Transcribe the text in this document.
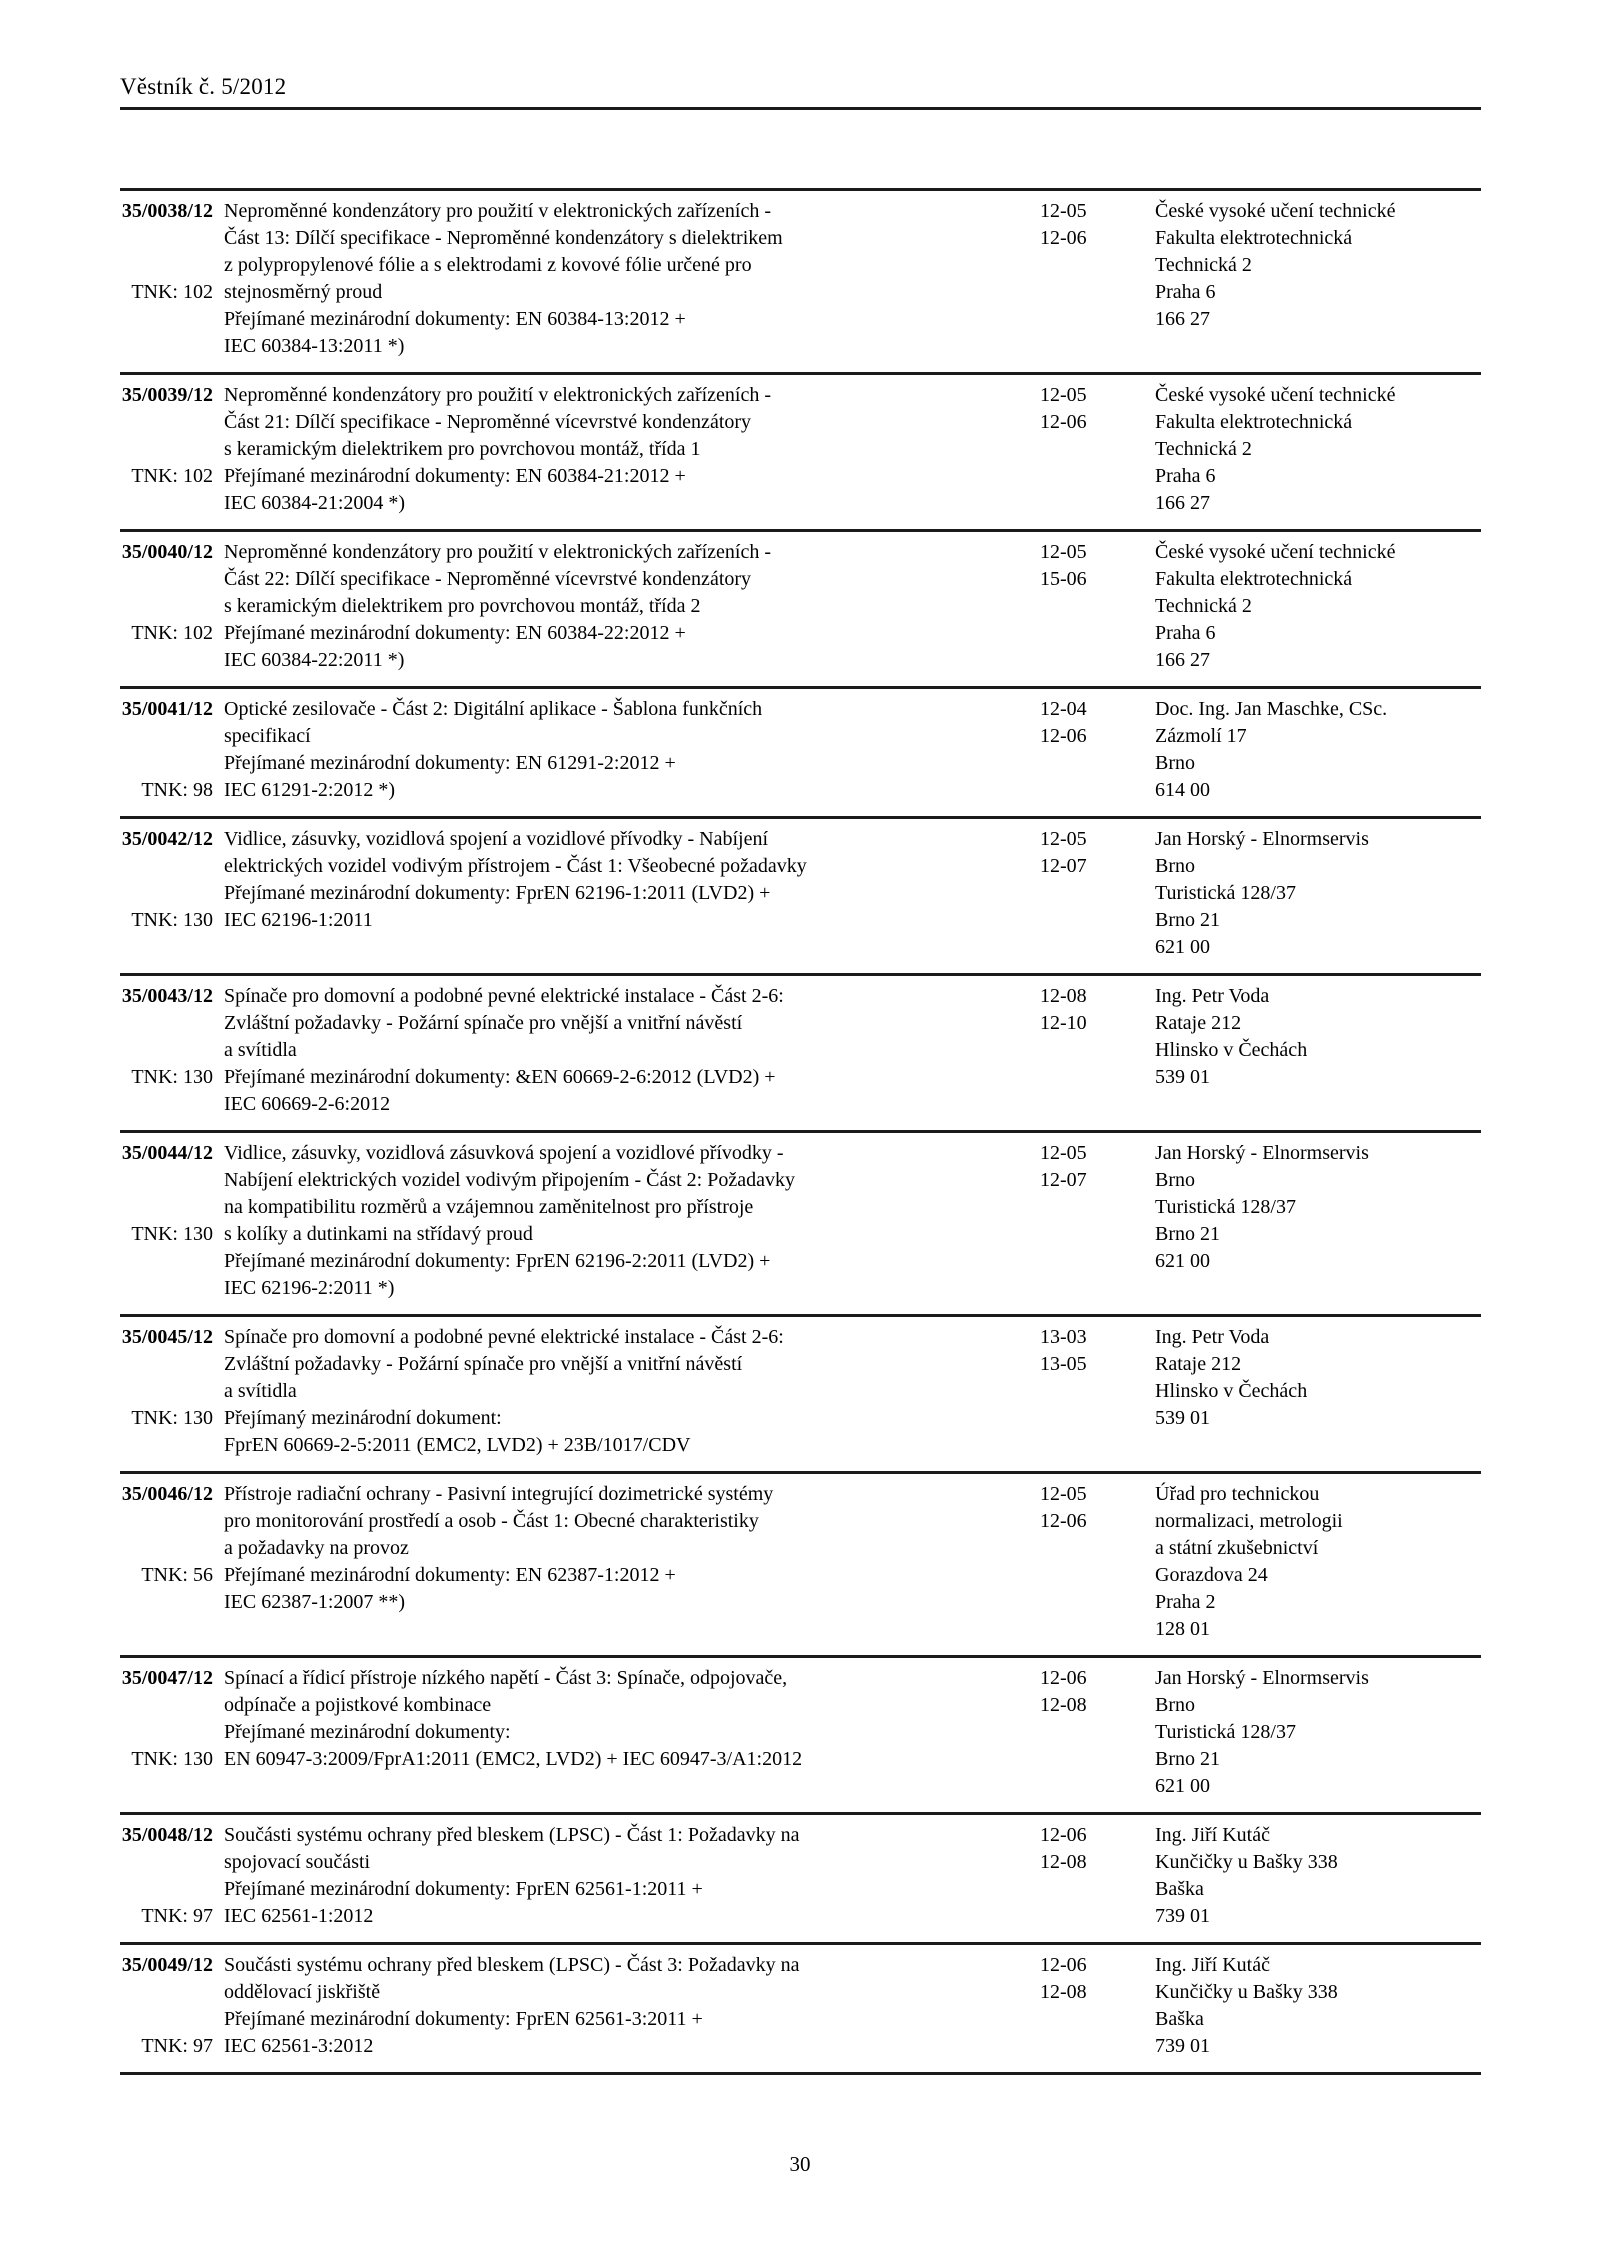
Věstník č. 5/2012
35/0038/12
TNK: 102
Neproměnné kondenzátory pro použití v elektronických zařízeních -
Část 13: Dílčí specifikace - Neproměnné kondenzátory s dielektrikem
z polypropylenové fólie a s elektrodami z kovové fólie určené pro
stejnosměrný proud
Přejímané mezinárodní dokumenty: EN 60384-13:2012 +
IEC 60384-13:2011 *)
12-05
12-06
České vysoké učení technické
Fakulta elektrotechnická
Technická 2
Praha 6
166 27
35/0039/12
TNK: 102
Neproměnné kondenzátory pro použití v elektronických zařízeních -
Část 21: Dílčí specifikace - Neproměnné vícevrstvé kondenzátory
s keramickým dielektrikem pro povrchovou montáž, třída 1
Přejímané mezinárodní dokumenty: EN 60384-21:2012 +
IEC 60384-21:2004 *)
12-05
12-06
České vysoké učení technické
Fakulta elektrotechnická
Technická 2
Praha 6
166 27
35/0040/12
TNK: 102
Neproměnné kondenzátory pro použití v elektronických zařízeních -
Část 22: Dílčí specifikace - Neproměnné vícevrstvé kondenzátory
s keramickým dielektrikem pro povrchovou montáž, třída 2
Přejímané mezinárodní dokumenty: EN 60384-22:2012 +
IEC 60384-22:2011 *)
12-05
15-06
České vysoké učení technické
Fakulta elektrotechnická
Technická 2
Praha 6
166 27
35/0041/12
TNK: 98
Optické zesilovače - Část 2: Digitální aplikace - Šablona funkčních
specifikací
Přejímané mezinárodní dokumenty: EN 61291-2:2012 +
IEC 61291-2:2012 *)
12-04
12-06
Doc. Ing. Jan Maschke, CSc.
Zázmolí 17
Brno
614 00
35/0042/12
TNK: 130
Vidlice, zásuvky, vozidlová spojení a vozidlové přívodky - Nabíjení
elektrických vozidel vodivým přístrojem - Část 1: Všeobecné požadavky
Přejímané mezinárodní dokumenty: FprEN 62196-1:2011 (LVD2) +
IEC 62196-1:2011
12-05
12-07
Jan Horský - Elnormservis
Brno
Turistická 128/37
Brno 21
621 00
35/0043/12
TNK: 130
Spínače pro domovní a podobné pevné elektrické instalace - Část 2-6:
Zvláštní požadavky - Požární spínače pro vnější a vnitřní návěstí
a svítidla
Přejímané mezinárodní dokumenty: &EN 60669-2-6:2012 (LVD2) +
IEC 60669-2-6:2012
12-08
12-10
Ing. Petr Voda
Rataje 212
Hlinsko v Čechách
539 01
35/0044/12
TNK: 130
Vidlice, zásuvky, vozidlová zásuvková spojení a vozidlové přívodky -
Nabíjení elektrických vozidel vodivým připojením - Část 2: Požadavky
na kompatibilitu rozměrů a vzájemnou zaměnitelnost pro přístroje
s kolíky a dutinkami na střídavý proud
Přejímané mezinárodní dokumenty: FprEN 62196-2:2011 (LVD2) +
IEC 62196-2:2011 *)
12-05
12-07
Jan Horský - Elnormservis
Brno
Turistická 128/37
Brno 21
621 00
35/0045/12
TNK: 130
Spínače pro domovní a podobné pevné elektrické instalace - Část 2-6:
Zvláštní požadavky - Požární spínače pro vnější a vnitřní návěstí
a svítidla
Přejímaný mezinárodní dokument:
FprEN 60669-2-5:2011 (EMC2, LVD2) + 23B/1017/CDV
13-03
13-05
Ing. Petr Voda
Rataje 212
Hlinsko v Čechách
539 01
35/0046/12
TNK: 56
Přístroje radiační ochrany - Pasivní integrující dozimetrické systémy
pro monitorování prostředí a osob - Část 1: Obecné charakteristiky
a požadavky na provoz
Přejímané mezinárodní dokumenty: EN 62387-1:2012 +
IEC 62387-1:2007 **)
12-05
12-06
Úřad pro technickou
normalizaci, metrologii
a státní zkušebnictví
Gorazdova 24
Praha 2
128 01
35/0047/12
TNK: 130
Spínací a řídicí přístroje nízkého napětí - Část 3: Spínače, odpojovače,
odpínače a pojistkové kombinace
Přejímané mezinárodní dokumenty:
EN 60947-3:2009/FprA1:2011 (EMC2, LVD2) + IEC 60947-3/A1:2012
12-06
12-08
Jan Horský - Elnormservis
Brno
Turistická 128/37
Brno 21
621 00
35/0048/12
TNK: 97
Součásti systému ochrany před bleskem (LPSC) - Část 1: Požadavky na
spojovací součásti
Přejímané mezinárodní dokumenty: FprEN 62561-1:2011 +
IEC 62561-1:2012
12-06
12-08
Ing. Jiří Kutáč
Kunčičky u Bašky 338
Baška
739 01
35/0049/12
TNK: 97
Součásti systému ochrany před bleskem (LPSC) - Část 3: Požadavky na
oddělovací jiskřiště
Přejímané mezinárodní dokumenty: FprEN 62561-3:2011 +
IEC 62561-3:2012
12-06
12-08
Ing. Jiří Kutáč
Kunčičky u Bašky 338
Baška
739 01
30
